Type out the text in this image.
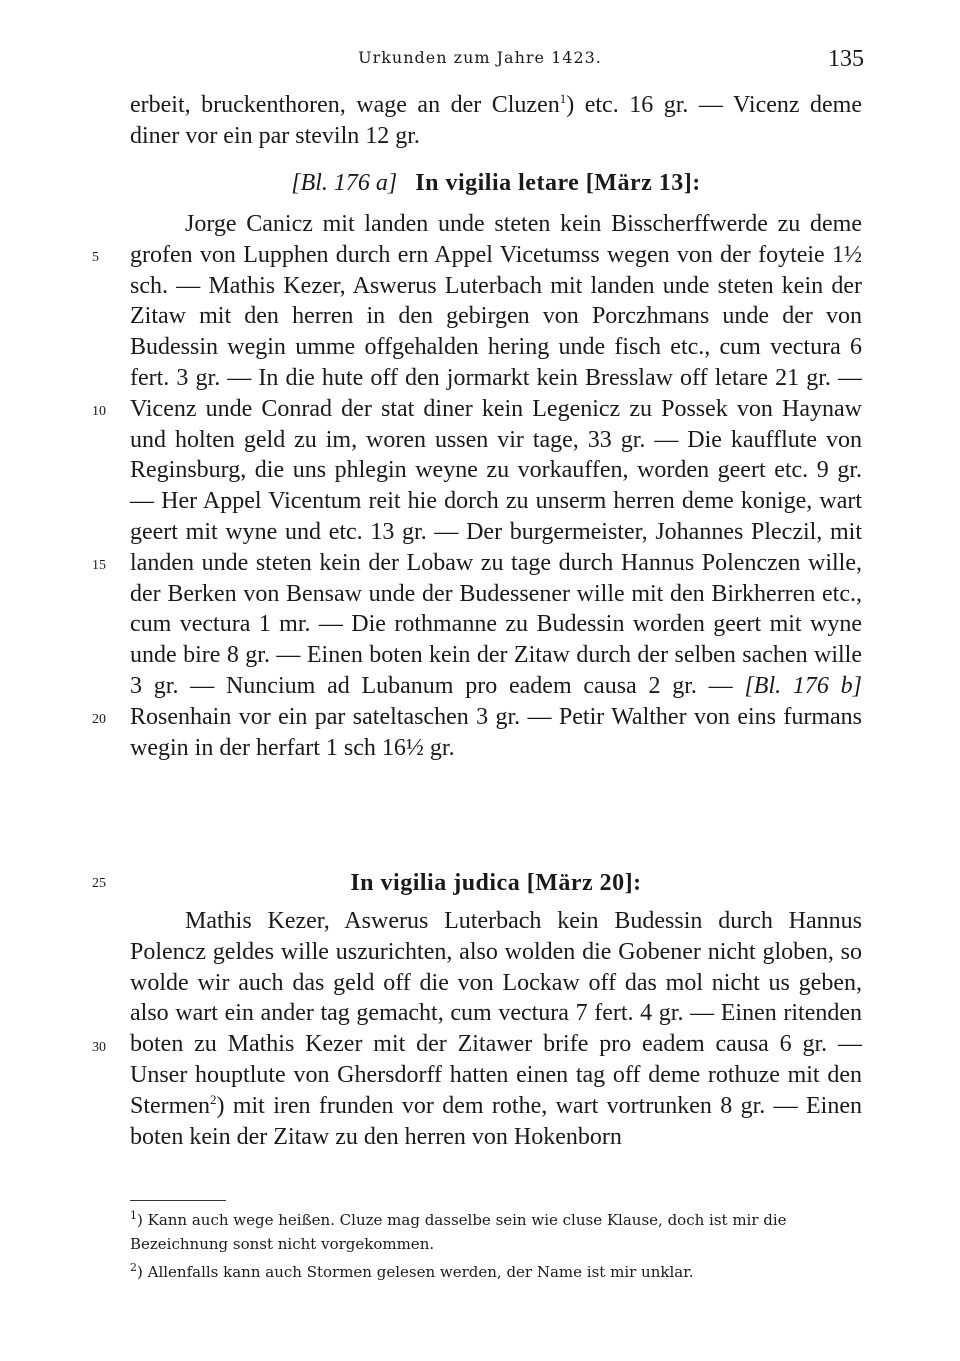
Urkunden zum Jahre 1423.	135
erbeit, bruckenthoren, wage an der Cluzen$^1$) etc. 16 gr. — Vicenz deme diner vor ein par steviln 12 gr.
[Bl. 176 a] In vigilia letare [März 13]:
Jorge Canicz mit landen unde steten kein Bisscherffwerde zu deme grofen von Lupphen durch ern Appel Vicetumss wegen von der foyteie 1½ sch. — Mathis Kezer, Aswerus Luterbach mit landen unde steten kein der Zitaw mit den herren in den gebirgen von Porczhmans unde der von Budessin wegin umme offgehalden hering unde fisch etc., cum vectura 6 fert. 3 gr. — In die hute off den jormarkt kein Bresslaw off letare 21 gr. — Vicenz unde Conrad der stat diner kein Legenicz zu Possek von Haynaw und holten geld zu im, woren ussen vir tage, 33 gr. — Die kaufflute von Reginsburg, die uns phlegin weyne zu vorkauffen, worden geert etc. 9 gr. — Her Appel Vicentum reit hie dorch zu unserm herren deme konige, wart geert mit wyne und etc. 13 gr. — Der burgermeister, Johannes Pleczil, mit landen unde steten kein der Lobaw zu tage durch Hannus Polenczen wille, der Berken von Bensaw unde der Budessener wille mit den Birkherren etc., cum vectura 1 mr. — Die rothmanne zu Budessin worden geert mit wyne unde bire 8 gr. — Einen boten kein der Zitaw durch der selben sachen wille 3 gr. — Nuncium ad Lubanum pro eadem causa 2 gr. — [Bl. 176 b] Rosenhain vor ein par sateltaschen 3 gr. — Petir Walther von eins furmans wegin in der herfart 1 sch 16½ gr.
In vigilia judica [März 20]:
Mathis Kezer, Aswerus Luterbach kein Budessin durch Hannus Polencz geldes wille uszurichten, also wolden die Gobener nicht globen, so wolde wir auch das geld off die von Lockaw off das mol nicht us geben, also wart ein ander tag gemacht, cum vectura 7 fert. 4 gr. — Einen ritenden boten zu Mathis Kezer mit der Zitawer brife pro eadem causa 6 gr. — Unser houptlute von Ghersdorff hatten einen tag off deme rothuze mit den Stermen$^2$) mit iren frunden vor dem rothe, wart vortrunken 8 gr. — Einen boten kein der Zitaw zu den herren von Hokenborn
5
10
15
20
25
30
$^1$) Kann auch wege heißen. Cluze mag dasselbe sein wie cluse Klause, doch ist mir die Bezeichnung sonst nicht vorgekommen.
$^2$) Allenfalls kann auch Stormen gelesen werden, der Name ist mir unklar.
